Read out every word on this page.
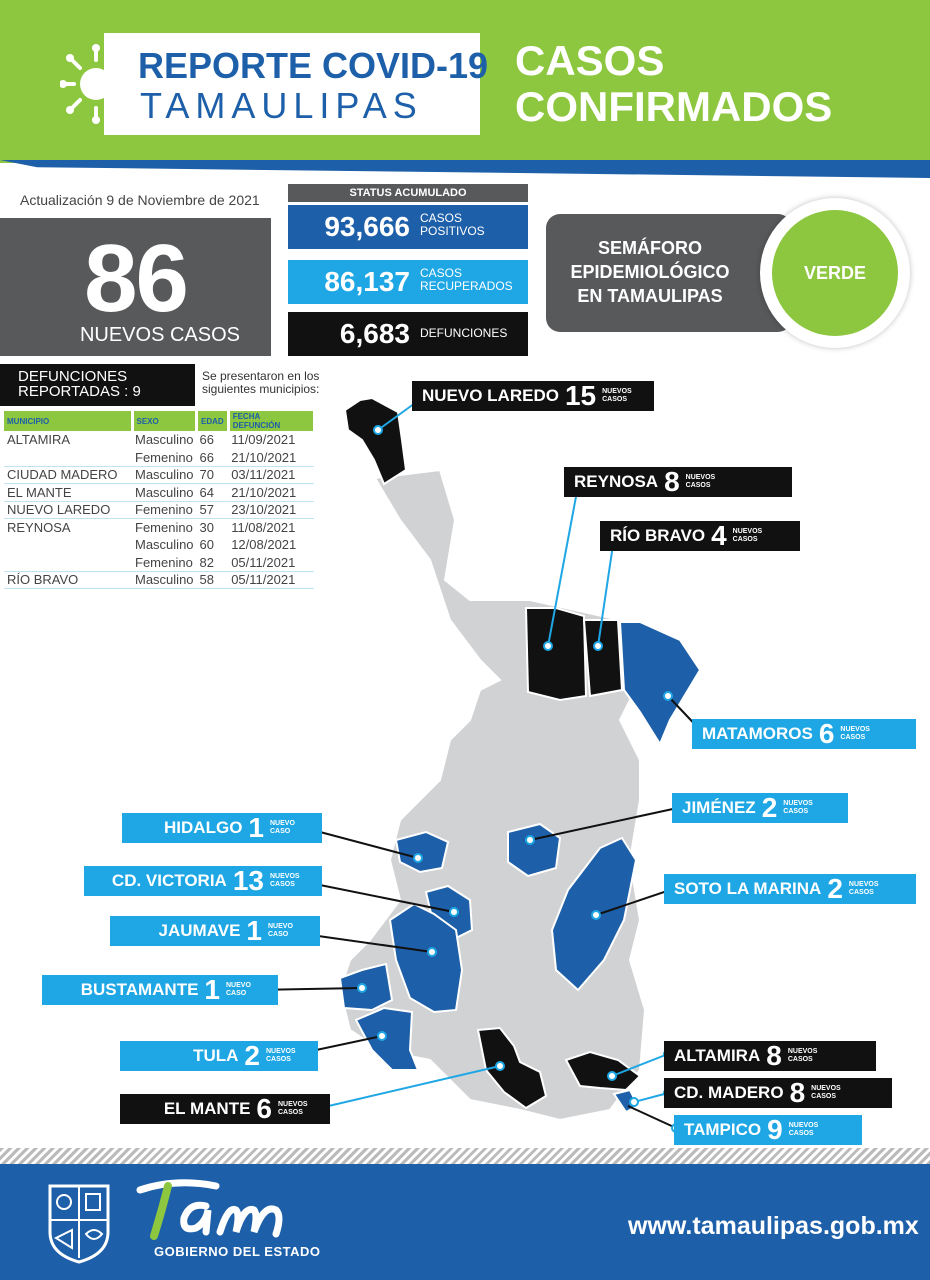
REPORTE COVID-19
TAMAULIPAS
CASOS
CONFIRMADOS
Actualización 9 de Noviembre de 2021
86
NUEVOS CASOS
STATUS ACUMULADO
93,666 CASOS
POSITIVOS
86,137 CASOS
RECUPERADOS
6,683 DEFUNCIONES
SEMÁFORO
EPIDEMIOLÓGICO
EN TAMAULIPAS
VERDE
DEFUNCIONES
REPORTADAS : 9
Se presentaron en los siguientes municipios:
MUNICIPIO	SEXO	EDAD	FECHA DEFUNCIÓN
ALTAMIRA	Masculino	66	11/09/2021
	Femenino	66	21/10/2021
CIUDAD MADERO	Masculino	70	03/11/2021
EL MANTE	Masculino	64	21/10/2021
NUEVO LAREDO	Femenino	57	23/10/2021
REYNOSA	Femenino	30	11/08/2021
	Masculino	60	12/08/2021
	Femenino	82	05/11/2021
RÍO BRAVO	Masculino	58	05/11/2021
NUEVO LAREDO 15 NUEVOS
CASOS
REYNOSA 8 NUEVOS
CASOS
RÍO BRAVO 4 NUEVOS
CASOS
MATAMOROS 6 NUEVOS
CASOS
JIMÉNEZ 2 NUEVOS
CASOS
SOTO LA MARINA 2 NUEVOS
CASOS
HIDALGO 1 NUEVO
CASO
CD. VICTORIA 13 NUEVOS
CASOS
JAUMAVE 1 NUEVO
CASO
BUSTAMANTE 1 NUEVO
CASO
TULA 2 NUEVOS
CASOS
EL MANTE 6 NUEVOS
CASOS
ALTAMIRA 8 NUEVOS
CASOS
CD. MADERO 8 NUEVOS
CASOS
TAMPICO 9 NUEVOS
CASOS
GOBIERNO DEL ESTADO
www.tamaulipas.gob.mx
